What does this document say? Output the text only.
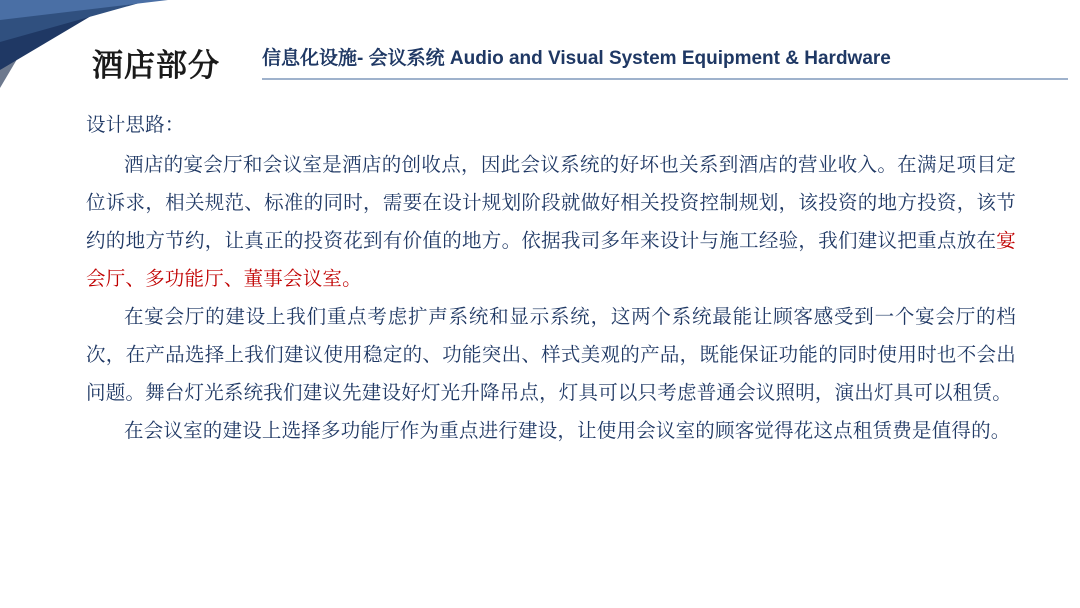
酒店部分 信息化设施- 会议系统 Audio and Visual System Equipment & Hardware

设计思路：

酒店的宴会厅和会议室是酒店的创收点，因此会议系统的好坏也关系到酒店的营业收入。在满足项目定位诉求，相关规范、标准的同时，需要在设计规划阶段就做好相关投资控制规划，该投资的地方投资，该节约的地方节约，让真正的投资花到有价值的地方。依据我司多年来设计与施工经验，我们建议把重点放在宴会厅、多功能厅、董事会议室。

在宴会厅的建设上我们重点考虑扩声系统和显示系统，这两个系统最能让顾客感受到一个宴会厅的档次，在产品选择上我们建议使用稳定的、功能突出、样式美观的产品，既能保证功能的同时使用时也不会出问题。舞台灯光系统我们建议先建设好灯光升降吊点，灯具可以只考虑普通会议照明，演出灯具可以租赁。

在会议室的建设上选择多功能厅作为重点进行建设，让使用会议室的顾客觉得花这点租赁费是值得的。
